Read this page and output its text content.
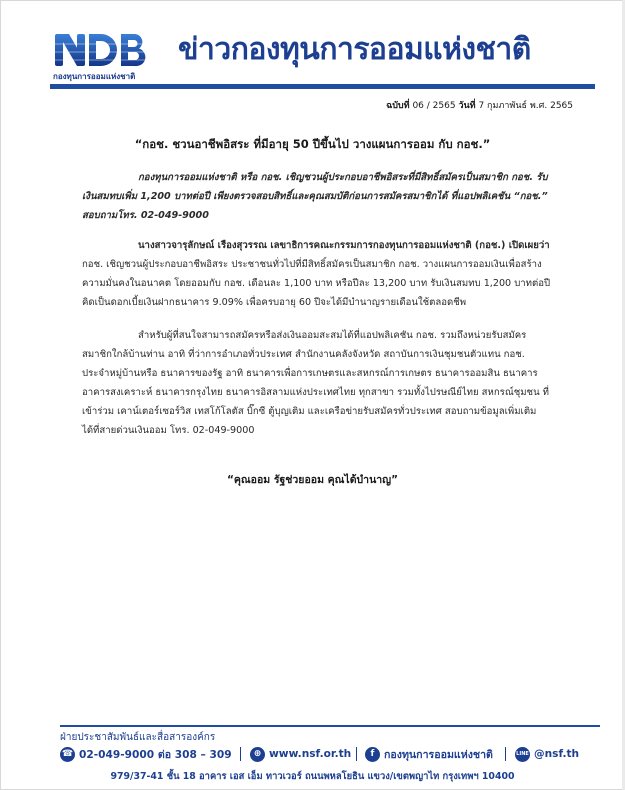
กองทุนการออมแห่งชาติ
ข่าวกองทุนการออมแห่งชาติ
ฉบับที่ 06 / 2565 วันที่ 7 กุมภาพันธ์ พ.ศ. 2565
“กอช. ชวนอาชีพอิสระ ที่มีอายุ 50 ปีขึ้นไป วางแผนการออม กับ กอช.”
กองทุนการออมแห่งชาติ หรือ กอช. เชิญชวนผู้ประกอบอาชีพอิสระที่มีสิทธิ์สมัครเป็นสมาชิก กอช. รับเงินสมทบเพิ่ม 1,200 บาทต่อปี เพียงตรวจสอบสิทธิ์และคุณสมบัติก่อนการสมัครสมาชิกได้ ที่แอปพลิเคชัน “กอช.” สอบถามโทร. 02-049-9000
นางสาวจารุลักษณ์ เรืองสุวรรณ เลขาธิการคณะกรรมการกองทุนการออมแห่งชาติ (กอช.) เปิดเผยว่า กอช. เชิญชวนผู้ประกอบอาชีพอิสระ ประชาชนทั่วไปที่มีสิทธิ์สมัครเป็นสมาชิก กอช. วางแผนการออมเงินเพื่อสร้างความมั่นคงในอนาคต โดยออมกับ กอช. เดือนละ 1,100 บาท หรือปีละ 13,200 บาท รับเงินสมทบ 1,200 บาทต่อปี คิดเป็นดอกเบี้ยเงินฝากธนาคาร 9.09% เพื่อครบอายุ 60 ปีจะได้มีบำนาญรายเดือนใช้ตลอดชีพ
สำหรับผู้ที่สนใจสามารถสมัครหรือส่งเงินออมสะสมได้ที่แอปพลิเคชัน กอช. รวมถึงหน่วยรับสมัครสมาชิกใกล้บ้านท่าน อาทิ ที่ว่าการอำเภอทั่วประเทศ สำนักงานคลังจังหวัด สถาบันการเงินชุมชนตัวแทน กอช. ประจำหมู่บ้านหรือ ธนาคารของรัฐ อาทิ ธนาคารเพื่อการเกษตรและสหกรณ์การเกษตร ธนาคารออมสิน ธนาคารอาคารสงเคราะห์ ธนาคารกรุงไทย ธนาคารอิสลามแห่งประเทศไทย ทุกสาขา รวมทั้งไปรษณีย์ไทย สหกรณ์ชุมชน ที่เข้าร่วม เคาน์เตอร์เซอร์วิส เทสโก้โลตัส บิ๊กซี ตู้บุญเติม และเครือข่ายรับสมัครทั่วประเทศ สอบถามข้อมูลเพิ่มเติมได้ที่สายด่วนเงินออม โทร. 02-049-9000
“คุณออม รัฐช่วยออม คุณได้บำนาญ”
ฝ่ายประชาสัมพันธ์และสื่อสารองค์กร
☎ 02-049-9000 ต่อ 308 – 309	⊕ www.nsf.or.th	f กองทุนการออมแห่งชาติ	LINE @nsf.th
979/37-41 ชั้น 18 อาคาร เอส เอ็ม ทาวเวอร์ ถนนพหลโยธิน แขวง/เขตพญาไท กรุงเทพฯ 10400
